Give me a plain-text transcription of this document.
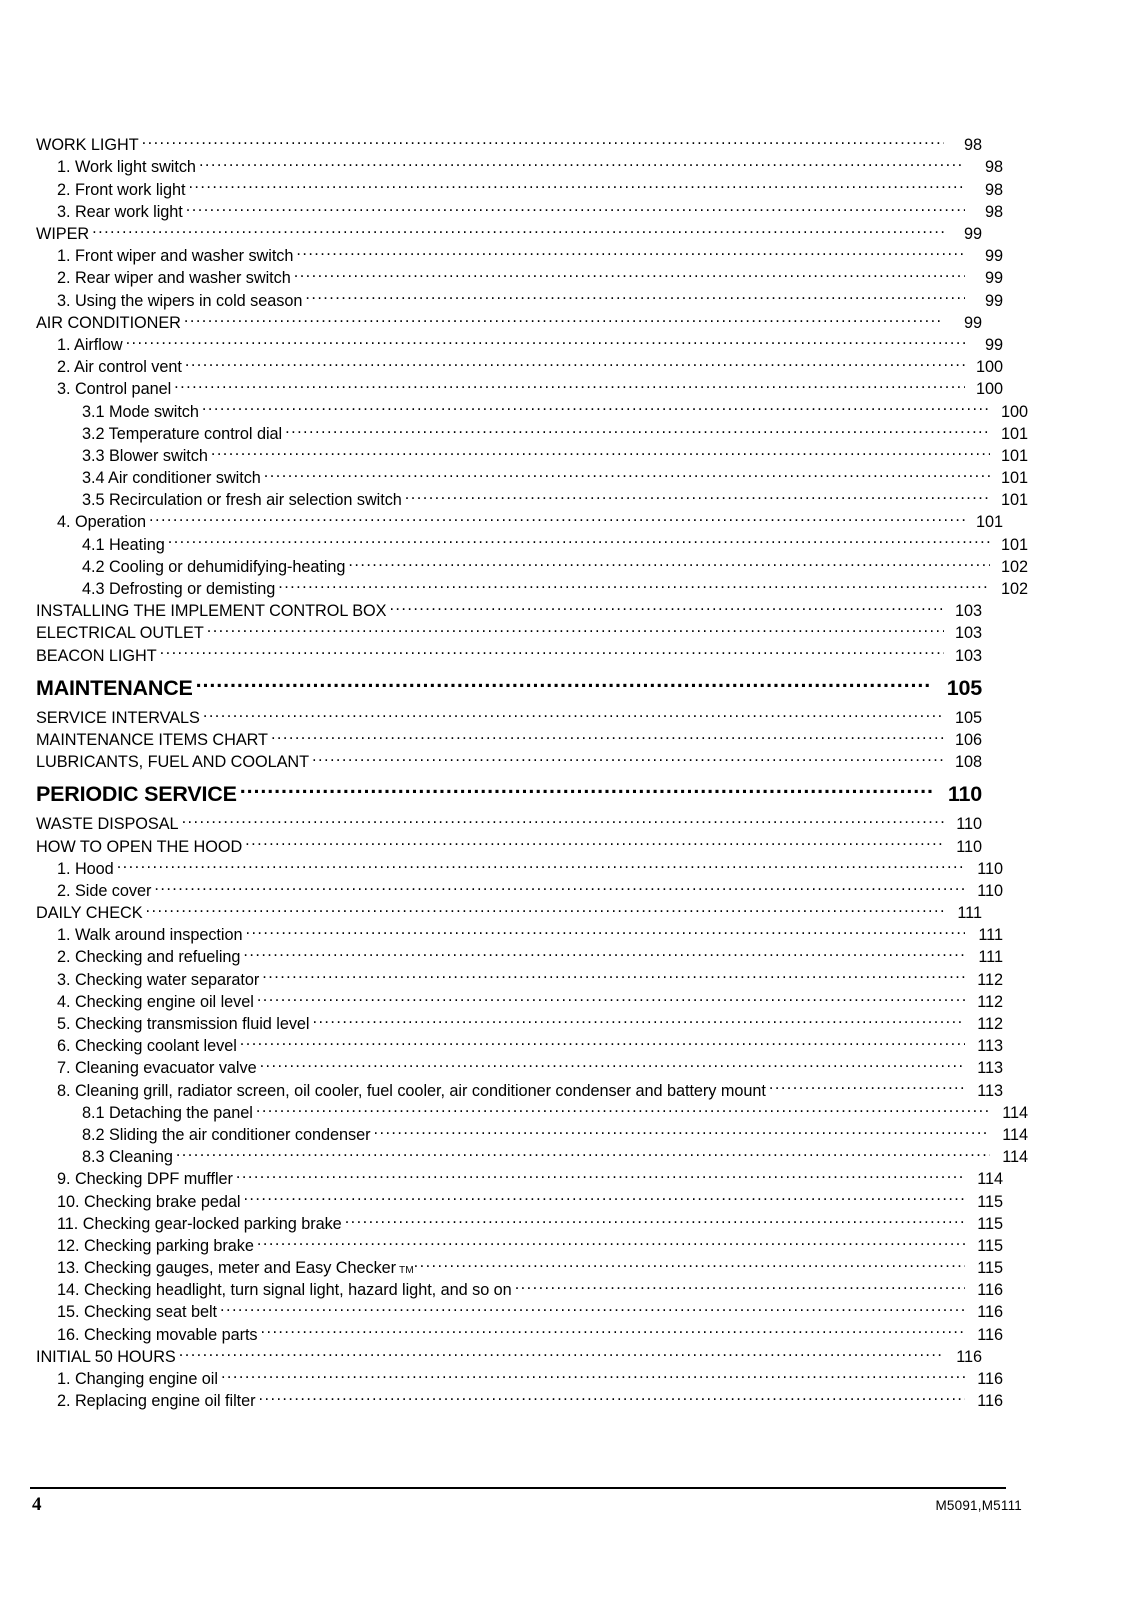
WORK LIGHT .....	98
1. Work light switch .....	98
2. Front work light .....	98
3. Rear work light .....	98
WIPER .....	99
1. Front wiper and washer switch .....	99
2. Rear wiper and washer switch .....	99
3. Using the wipers in cold season .....	99
AIR CONDITIONER .....	99
1. Airflow .....	99
2. Air control vent .....	100
3. Control panel .....	100
3.1 Mode switch .....	100
3.2 Temperature control dial .....	101
3.3 Blower switch .....	101
3.4 Air conditioner switch .....	101
3.5 Recirculation or fresh air selection switch .....	101
4. Operation .....	101
4.1 Heating .....	101
4.2 Cooling or dehumidifying-heating .....	102
4.3 Defrosting or demisting .....	102
INSTALLING THE IMPLEMENT CONTROL BOX .....	103
ELECTRICAL OUTLET .....	103
BEACON LIGHT .....	103
MAINTENANCE .....	105
SERVICE INTERVALS .....	105
MAINTENANCE ITEMS CHART .....	106
LUBRICANTS, FUEL AND COOLANT .....	108
PERIODIC SERVICE .....	110
WASTE DISPOSAL .....	110
HOW TO OPEN THE HOOD .....	110
1. Hood .....	110
2. Side cover .....	110
DAILY CHECK .....	111
1. Walk around inspection .....	111
2. Checking and refueling .....	111
3. Checking water separator .....	112
4. Checking engine oil level .....	112
5. Checking transmission fluid level .....	112
6. Checking coolant level .....	113
7. Cleaning evacuator valve .....	113
8. Cleaning grill, radiator screen, oil cooler, fuel cooler, air conditioner condenser and battery mount .....	113
8.1 Detaching the panel .....	114
8.2 Sliding the air conditioner condenser .....	114
8.3 Cleaning .....	114
9. Checking DPF muffler .....	114
10. Checking brake pedal .....	115
11. Checking gear-locked parking brake .....	115
12. Checking parking brake .....	115
13. Checking gauges, meter and Easy Checker TM .....	115
14. Checking headlight, turn signal light, hazard light, and so on .....	116
15. Checking seat belt .....	116
16. Checking movable parts .....	116
INITIAL 50 HOURS .....	116
1. Changing engine oil .....	116
2. Replacing engine oil filter .....	116
4	M5091,M5111
